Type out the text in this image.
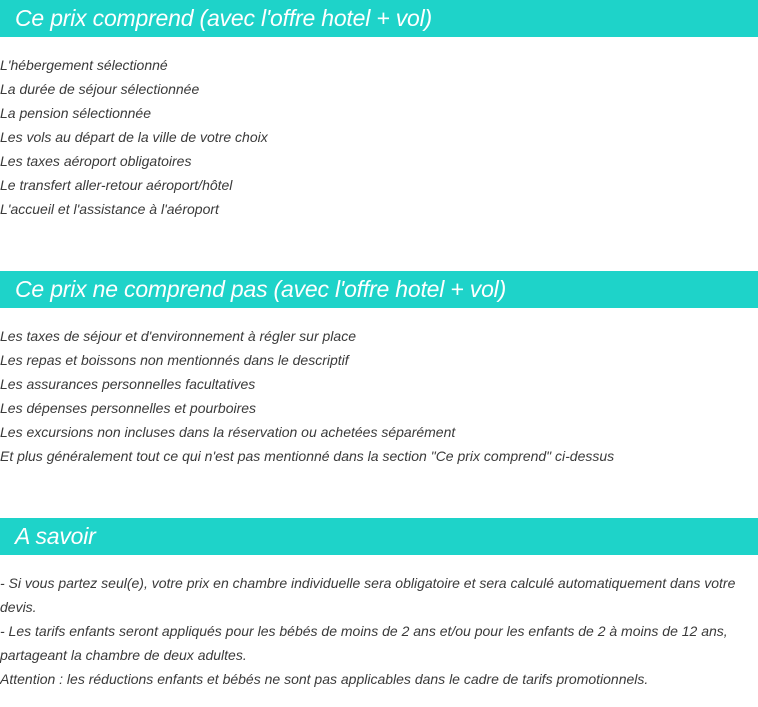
Ce prix comprend (avec l'offre hotel + vol)
L'hébergement sélectionné
La durée de séjour sélectionnée
La pension sélectionnée
Les vols au départ de la ville de votre choix
Les taxes aéroport obligatoires
Le transfert aller-retour aéroport/hôtel
L'accueil et l'assistance à l'aéroport
Ce prix ne comprend pas (avec l'offre hotel + vol)
Les taxes de séjour et d'environnement à régler sur place
Les repas et boissons non mentionnés dans le descriptif
Les assurances personnelles facultatives
Les dépenses personnelles et pourboires
Les excursions non incluses dans la réservation ou achetées séparément
Et plus généralement tout ce qui n'est pas mentionné dans la section "Ce prix comprend" ci-dessus
A savoir

- Si vous partez seul(e), votre prix en chambre individuelle sera obligatoire et sera calculé automatiquement dans votre devis.

- Les tarifs enfants seront appliqués pour les bébés de moins de 2 ans et/ou pour les enfants de 2 à moins de 12 ans, partageant la chambre de deux adultes.

Attention : les réductions enfants et bébés ne sont pas applicables dans le cadre de tarifs promotionnels.
